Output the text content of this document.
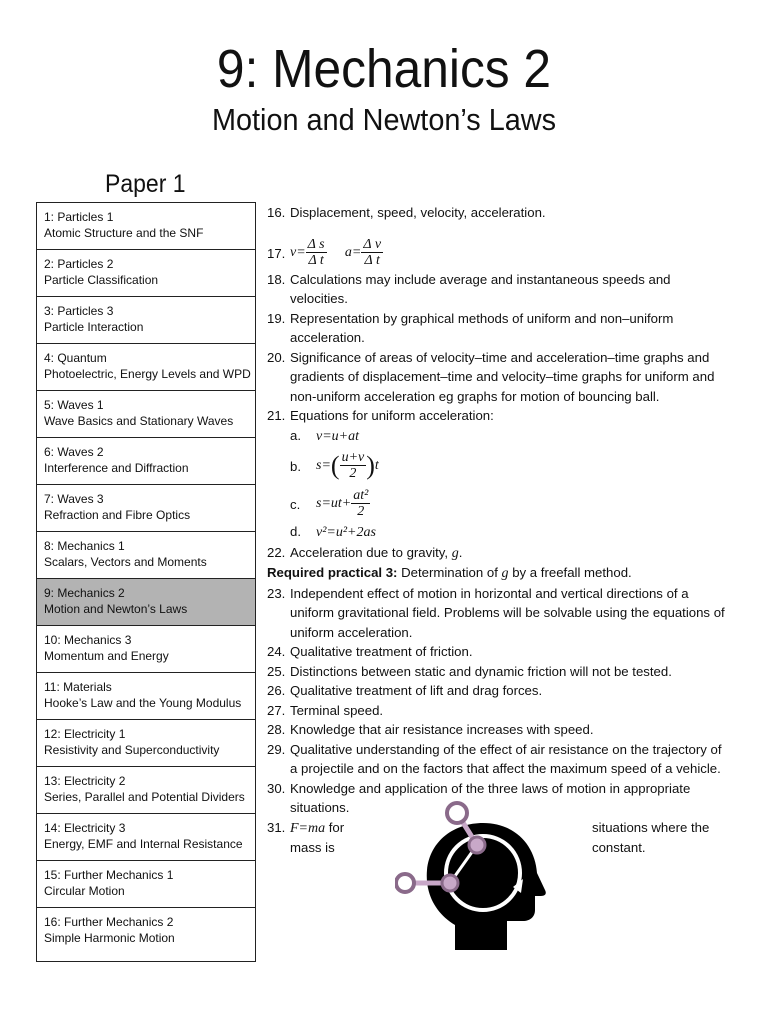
9: Mechanics 2
Motion and Newton’s Laws
Paper 1
1: Particles 1
Atomic Structure and the SNF
2: Particles 2
Particle Classification
3: Particles 3
Particle Interaction
4: Quantum
Photoelectric, Energy Levels and WPD
5: Waves 1
Wave Basics and Stationary Waves
6: Waves 2
Interference and Diffraction
7: Waves 3
Refraction and Fibre Optics
8: Mechanics 1
Scalars, Vectors and Moments
9: Mechanics 2
Motion and Newton’s Laws
10: Mechanics 3
Momentum and Energy
11: Materials
Hooke’s Law and the Young Modulus
12: Electricity 1
Resistivity and Superconductivity
13: Electricity 2
Series, Parallel and Potential Dividers
14: Electricity 3
Energy, EMF and Internal Resistance
15: Further Mechanics 1
Circular Motion
16: Further Mechanics 2
Simple Harmonic Motion
16. Displacement, speed, velocity, acceleration.
17. $v= \frac{\text{Δ s}}{\text{Δ t}} a= \frac{\text{Δ v}}{\text{Δ t}}$
18. Calculations may include average and instantaneous speeds and velocities.
19. Representation by graphical methods of uniform and non–uniform acceleration.
20. Significance of areas of velocity–time and acceleration–time graphs and gradients of displacement–time and velocity–time graphs for uniform and non-uniform acceleration eg graphs for motion of bouncing ball.
21. Equations for uniform acceleration:
a. v=u+at
b. $s=( \frac{u+v}{2} )t$
c. $s=ut+ \frac{\text{at²}}{2}$
d. v²=u²+2as
22. Acceleration due to gravity, g.
Required practical 3: Determination of g by a freefall method.
23. Independent effect of motion in horizontal and vertical directions of a uniform gravitational field. Problems will be solvable using the equations of uniform acceleration.
24. Qualitative treatment of friction.
25. Distinctions between static and dynamic friction will not be tested.
26. Qualitative treatment of lift and drag forces.
27. Terminal speed.
28. Knowledge that air resistance increases with speed.
29. Qualitative understanding of the effect of air resistance on the trajectory of a projectile and on the factors that affect the maximum speed of a vehicle.
30. Knowledge and application of the three laws of motion in appropriate situations.
31. F=ma for	situations where the
mass is	constant.
